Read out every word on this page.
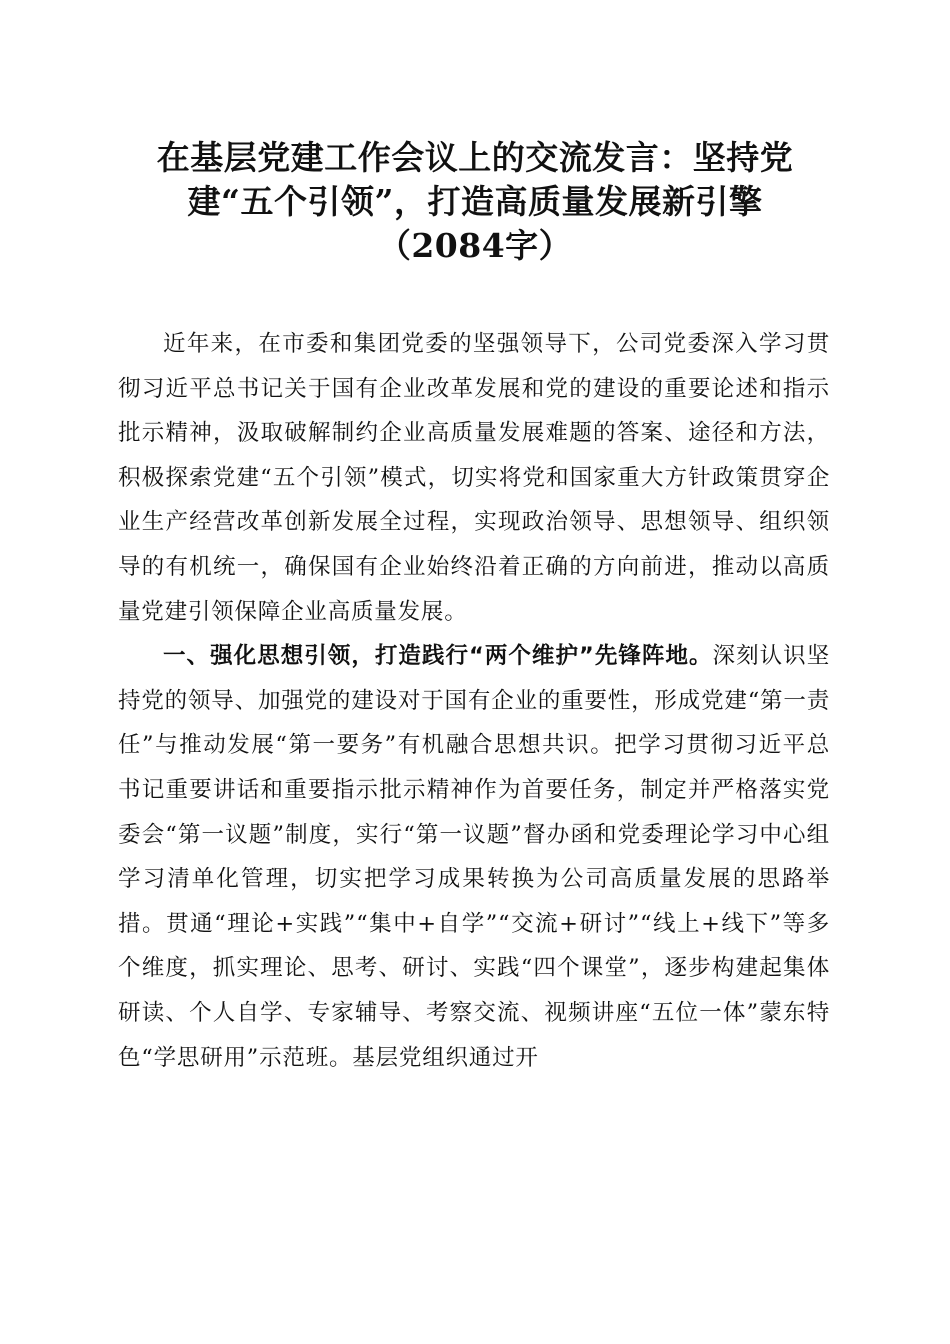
在基层党建工作会议上的交流发言：坚持党
建“五个引领”，打造高质量发展新引擎
（2084字）

近年来，在市委和集团党委的坚强领导下，公司党委深入学习贯彻习近平总书记关于国有企业改革发展和党的建设的重要论述和指示批示精神，汲取破解制约企业高质量发展难题的答案、途径和方法，积极探索党建“五个引领”模式，切实将党和国家重大方针政策贯穿企业生产经营改革创新发展全过程，实现政治领导、思想领导、组织领导的有机统一，确保国有企业始终沿着正确的方向前进，推动以高质量党建引领保障企业高质量发展。

一、强化思想引领，打造践行“两个维护”先锋阵地。深刻认识坚持党的领导、加强党的建设对于国有企业的重要性，形成党建“第一责任”与推动发展“第一要务”有机融合思想共识。把学习贯彻习近平总书记重要讲话和重要指示批示精神作为首要任务，制定并严格落实党委会“第一议题”制度，实行“第一议题”督办函和党委理论学习中心组学习清单化管理，切实把学习成果转换为公司高质量发展的思路举措。贯通“理论+实践”“集中+自学”“交流+研讨”“线上+线下”等多个维度，抓实理论、思考、研讨、实践“四个课堂”，逐步构建起集体研读、个人自学、专家辅导、考察交流、视频讲座“五位一体”蒙东特色“学思研用”示范班。基层党组织通过开
